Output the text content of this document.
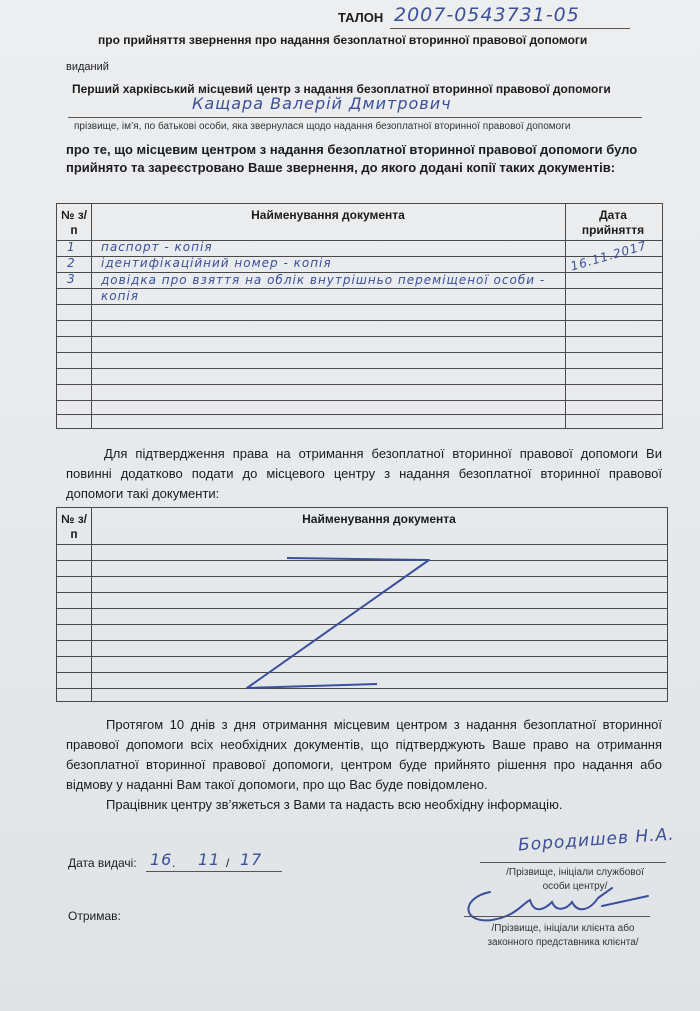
ТАЛОН 2007-0543731-05
про прийняття звернення про надання безоплатної вторинної правової допомоги
виданий
Перший харківський місцевий центр з надання безоплатної вторинної правової допомоги
Кащара Валерій Дмитрович
прізвище, ім’я, по батькові особи, яка звернулася щодо надання безоплатної вторинної правової допомоги
про те, що місцевим центром з надання безоплатної вторинної правової допомоги було прийнято та зареєстровано Ваше звернення, до якого додані копії таких документів:
№ з/п
Найменування документа	Дата прийняття
1 паспорт - копія
2 ідентифікаційний номер - копія
3 довідка про взяття на облік внутрішньо переміщеної особи - копія
16.11.2017
Для підтвердження права на отримання безоплатної вторинної правової допомоги Ви повинні додатково подати до місцевого центру з надання безоплатної вторинної правової допомоги такі документи:
№ з/п
Найменування документа
Протягом 10 днів з дня отримання місцевим центром з надання безоплатної вторинної правової допомоги всіх необхідних документів, що підтверджують Ваше право на отримання безоплатної вторинної правової допомоги, центром буде прийнято рішення про надання або відмову у наданні Вам такої допомоги, про що Вас буде повідомлено.
Працівник центру зв’яжеться з Вами та надасть всю необхідну інформацію.
Дата видачі: 16 . 11 / 17
Бородишев Н.А.
/Прізвище, ініціали службової особи центру/
Отримав:
/Прізвище, ініціали клієнта або законного представника клієнта/
